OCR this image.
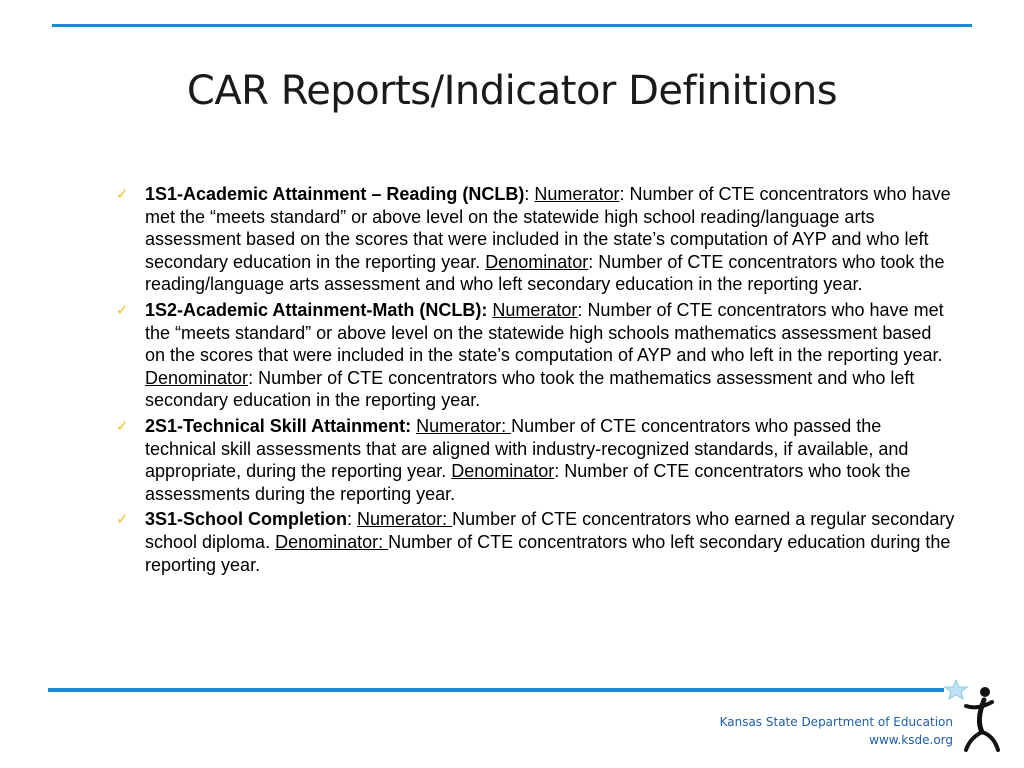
CAR Reports/Indicator Definitions
✓ 1S1-Academic Attainment – Reading (NCLB): Numerator: Number of CTE concentrators who have met the “meets standard” or above level on the statewide high school reading/language arts assessment based on the scores that were included in the state’s computation of AYP and who left secondary education in the reporting year. Denominator: Number of CTE concentrators who took the reading/language arts assessment and who left secondary education in the reporting year.
✓ 1S2-Academic Attainment-Math (NCLB): Numerator: Number of CTE concentrators who have met the “meets standard” or above level on the statewide high schools mathematics assessment based on the scores that were included in the state’s computation of AYP and who left in the reporting year. Denominator: Number of CTE concentrators who took the mathematics assessment and who left secondary education in the reporting year.
✓ 2S1-Technical Skill Attainment: Numerator: Number of CTE concentrators who passed the technical skill assessments that are aligned with industry-recognized standards, if available, and appropriate, during the reporting year. Denominator: Number of CTE concentrators who took the assessments during the reporting year.
✓ 3S1-School Completion: Numerator: Number of CTE concentrators who earned a regular secondary school diploma. Denominator: Number of CTE concentrators who left secondary education during the reporting year.
Kansas State Department of Education
www.ksde.org
